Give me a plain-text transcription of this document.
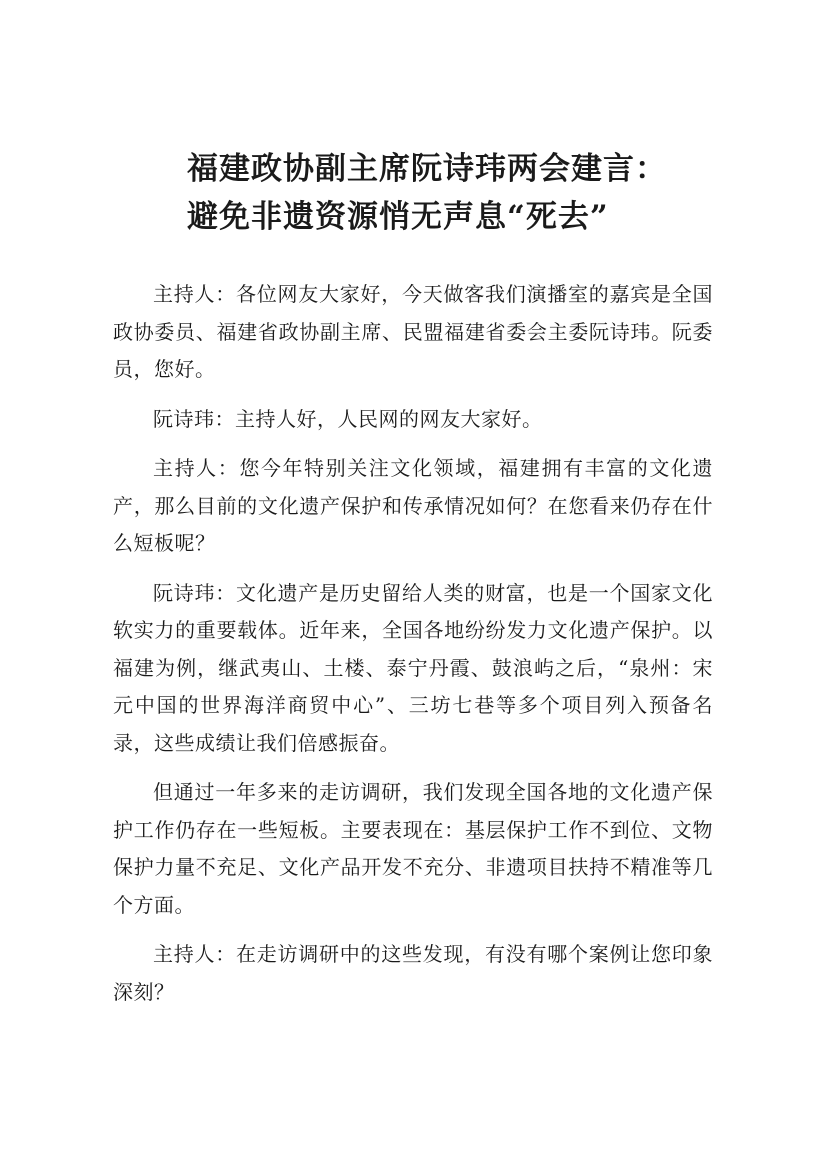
福建政协副主席阮诗玮两会建言：
避免非遗资源悄无声息“死去”

主持人：各位网友大家好，今天做客我们演播室的嘉宾是全国政协委员、福建省政协副主席、民盟福建省委会主委阮诗玮。阮委员，您好。

阮诗玮：主持人好，人民网的网友大家好。

主持人：您今年特别关注文化领域，福建拥有丰富的文化遗产，那么目前的文化遗产保护和传承情况如何？在您看来仍存在什么短板呢？

阮诗玮：文化遗产是历史留给人类的财富，也是一个国家文化软实力的重要载体。近年来，全国各地纷纷发力文化遗产保护。以福建为例，继武夷山、土楼、泰宁丹霞、鼓浪屿之后，“泉州：宋元中国的世界海洋商贸中心”、三坊七巷等多个项目列入预备名录，这些成绩让我们倍感振奋。

但通过一年多来的走访调研，我们发现全国各地的文化遗产保护工作仍存在一些短板。主要表现在：基层保护工作不到位、文物保护力量不充足、文化产品开发不充分、非遗项目扶持不精准等几个方面。

主持人：在走访调研中的这些发现，有没有哪个案例让您印象深刻？
